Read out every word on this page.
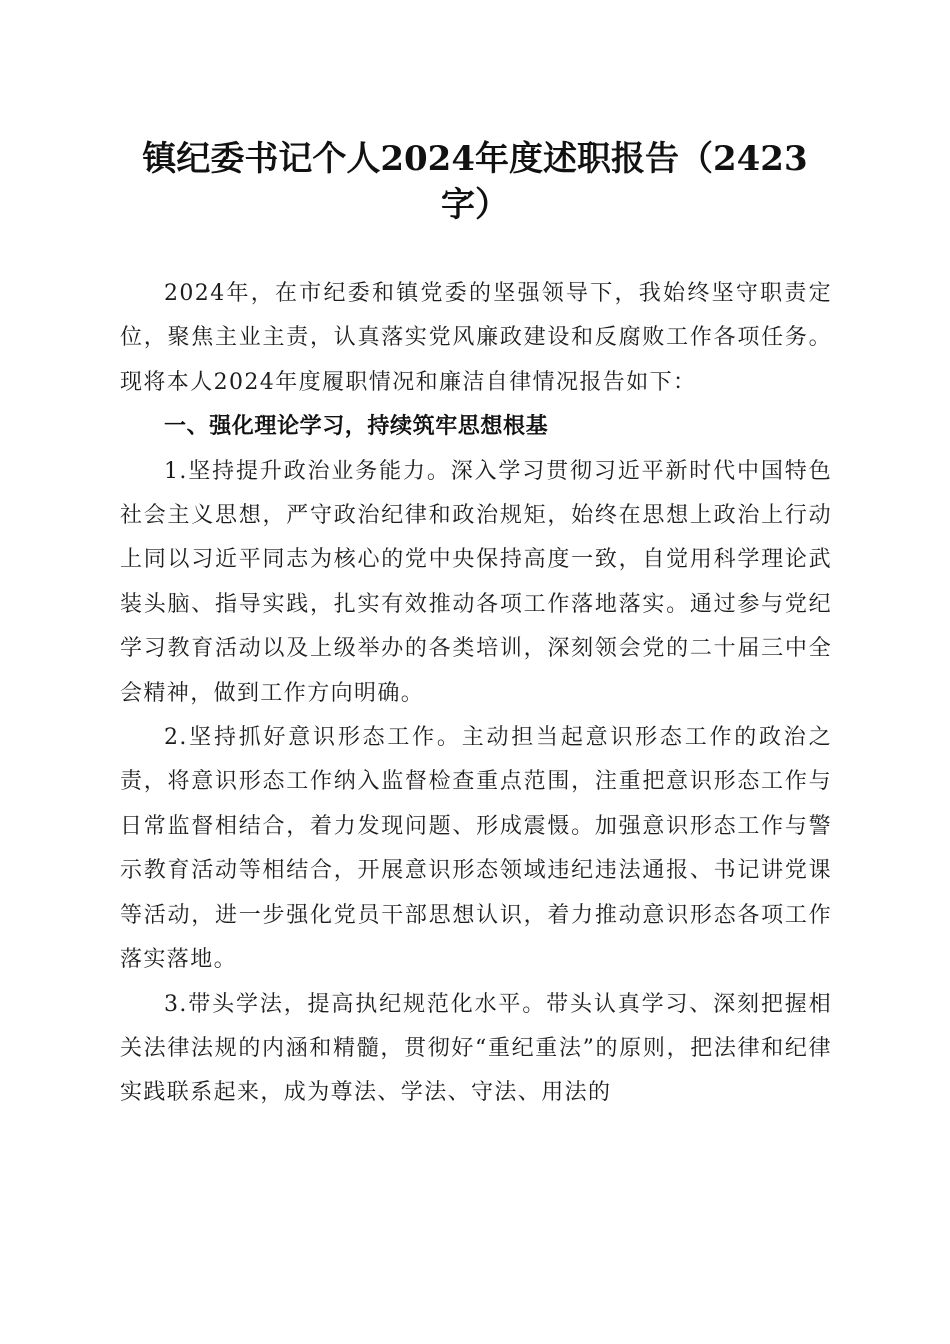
镇纪委书记个人2024年度述职报告（2423字）

2024年，在市纪委和镇党委的坚强领导下，我始终坚守职责定位，聚焦主业主责，认真落实党风廉政建设和反腐败工作各项任务。现将本人2024年度履职情况和廉洁自律情况报告如下：

一、强化理论学习，持续筑牢思想根基

1.坚持提升政治业务能力。深入学习贯彻习近平新时代中国特色社会主义思想，严守政治纪律和政治规矩，始终在思想上政治上行动上同以习近平同志为核心的党中央保持高度一致，自觉用科学理论武装头脑、指导实践，扎实有效推动各项工作落地落实。通过参与党纪学习教育活动以及上级举办的各类培训，深刻领会党的二十届三中全会精神，做到工作方向明确。

2.坚持抓好意识形态工作。主动担当起意识形态工作的政治之责，将意识形态工作纳入监督检查重点范围，注重把意识形态工作与日常监督相结合，着力发现问题、形成震慑。加强意识形态工作与警示教育活动等相结合，开展意识形态领域违纪违法通报、书记讲党课等活动，进一步强化党员干部思想认识，着力推动意识形态各项工作落实落地。

3.带头学法，提高执纪规范化水平。带头认真学习、深刻把握相关法律法规的内涵和精髓，贯彻好“重纪重法”的原则，把法律和纪律实践联系起来，成为尊法、学法、守法、用法的
